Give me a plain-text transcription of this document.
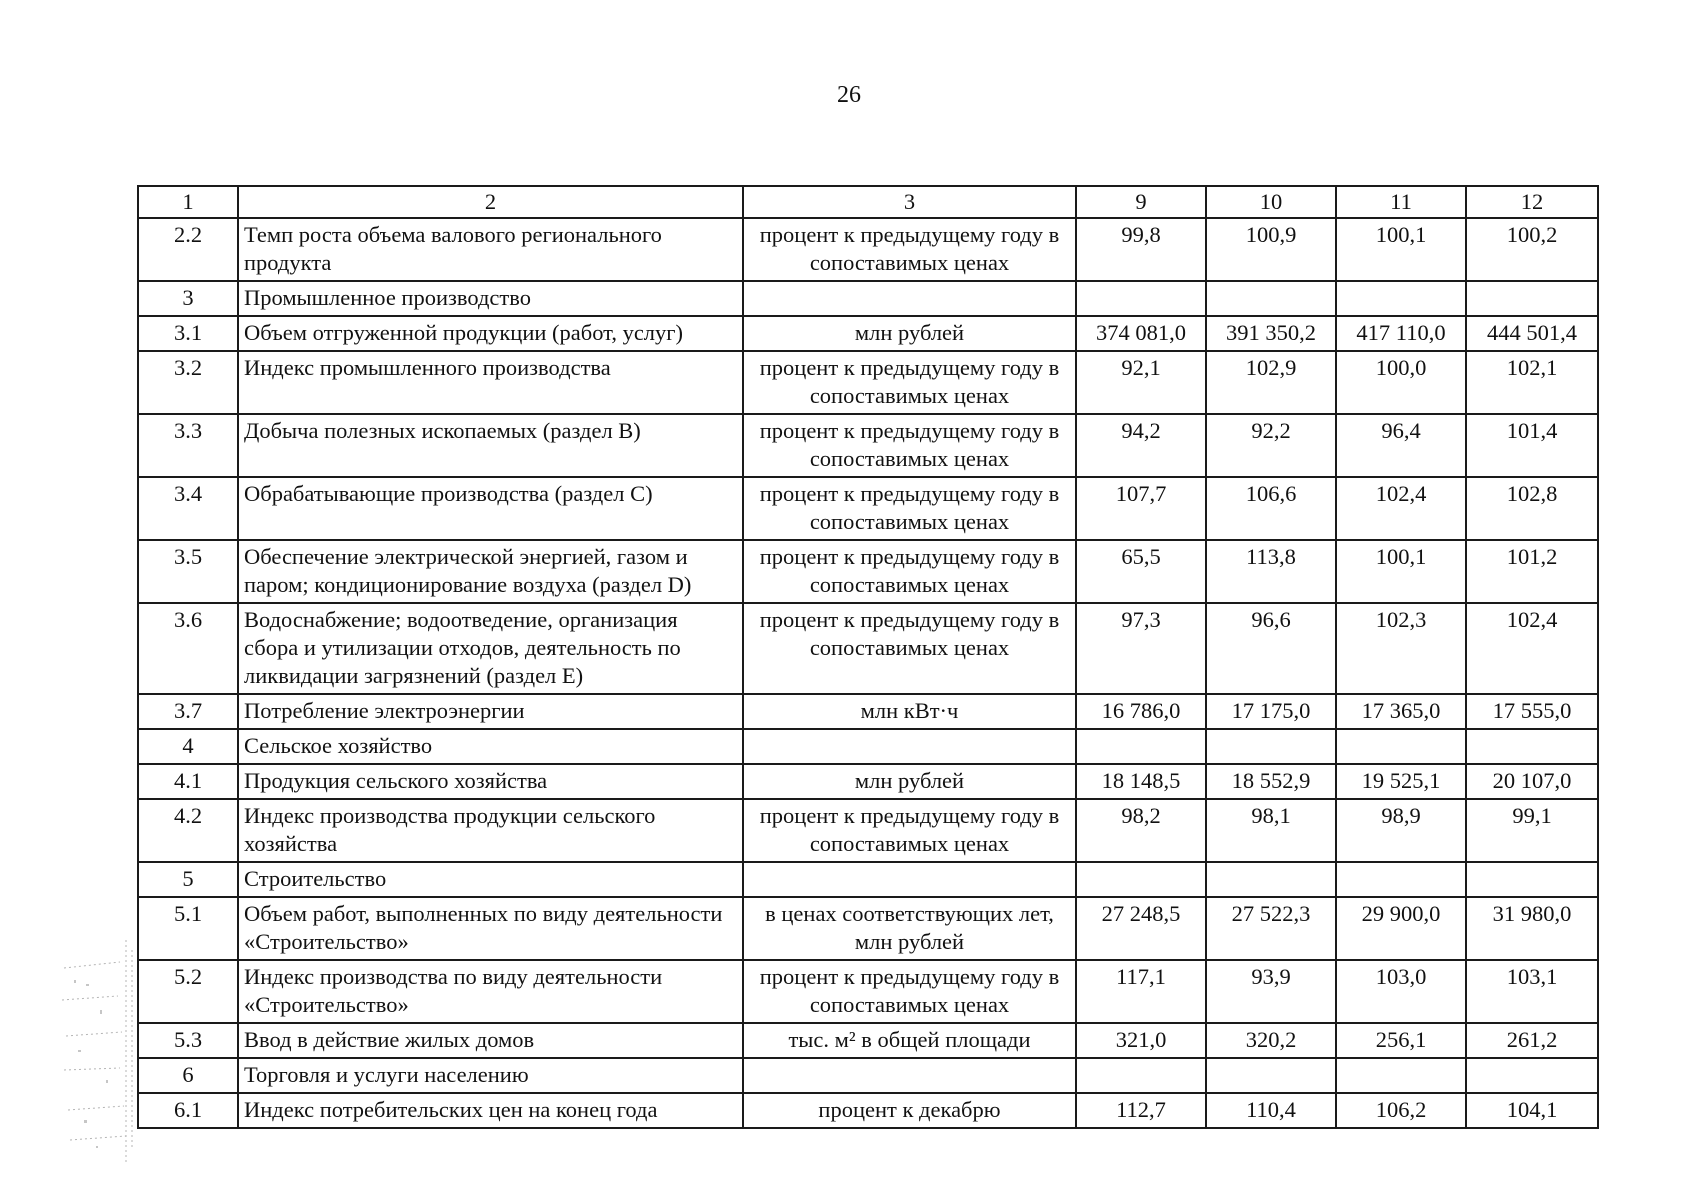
26
1	2	3	9	10	11	12
2.2	Темп роста объема валового регионального продукта	процент к предыдущему году в сопоставимых ценах	99,8	100,9	100,1	100,2
3	Промышленное производство					
3.1	Объем отгруженной продукции (работ, услуг)	млн рублей	374 081,0	391 350,2	417 110,0	444 501,4
3.2	Индекс промышленного производства	процент к предыдущему году в сопоставимых ценах	92,1	102,9	100,0	102,1
3.3	Добыча полезных ископаемых (раздел B)	процент к предыдущему году в сопоставимых ценах	94,2	92,2	96,4	101,4
3.4	Обрабатывающие производства (раздел C)	процент к предыдущему году в сопоставимых ценах	107,7	106,6	102,4	102,8
3.5	Обеспечение электрической энергией, газом и паром; кондиционирование воздуха (раздел D)	процент к предыдущему году в сопоставимых ценах	65,5	113,8	100,1	101,2
3.6	Водоснабжение; водоотведение, организация сбора и утилизации отходов, деятельность по ликвидации загрязнений (раздел E)	процент к предыдущему году в сопоставимых ценах	97,3	96,6	102,3	102,4
3.7	Потребление электроэнергии	млн кВт·ч	16 786,0	17 175,0	17 365,0	17 555,0
4	Сельское хозяйство					
4.1	Продукция сельского хозяйства	млн рублей	18 148,5	18 552,9	19 525,1	20 107,0
4.2	Индекс производства продукции сельского хозяйства	процент к предыдущему году в сопоставимых ценах	98,2	98,1	98,9	99,1
5	Строительство					
5.1	Объем работ, выполненных по виду деятельности «Строительство»	в ценах соответствующих лет, млн рублей	27 248,5	27 522,3	29 900,0	31 980,0
5.2	Индекс производства по виду деятельности «Строительство»	процент к предыдущему году в сопоставимых ценах	117,1	93,9	103,0	103,1
5.3	Ввод в действие жилых домов	тыс. м² в общей площади	321,0	320,2	256,1	261,2
6	Торговля и услуги населению					
6.1	Индекс потребительских цен на конец года	процент к декабрю	112,7	110,4	106,2	104,1
